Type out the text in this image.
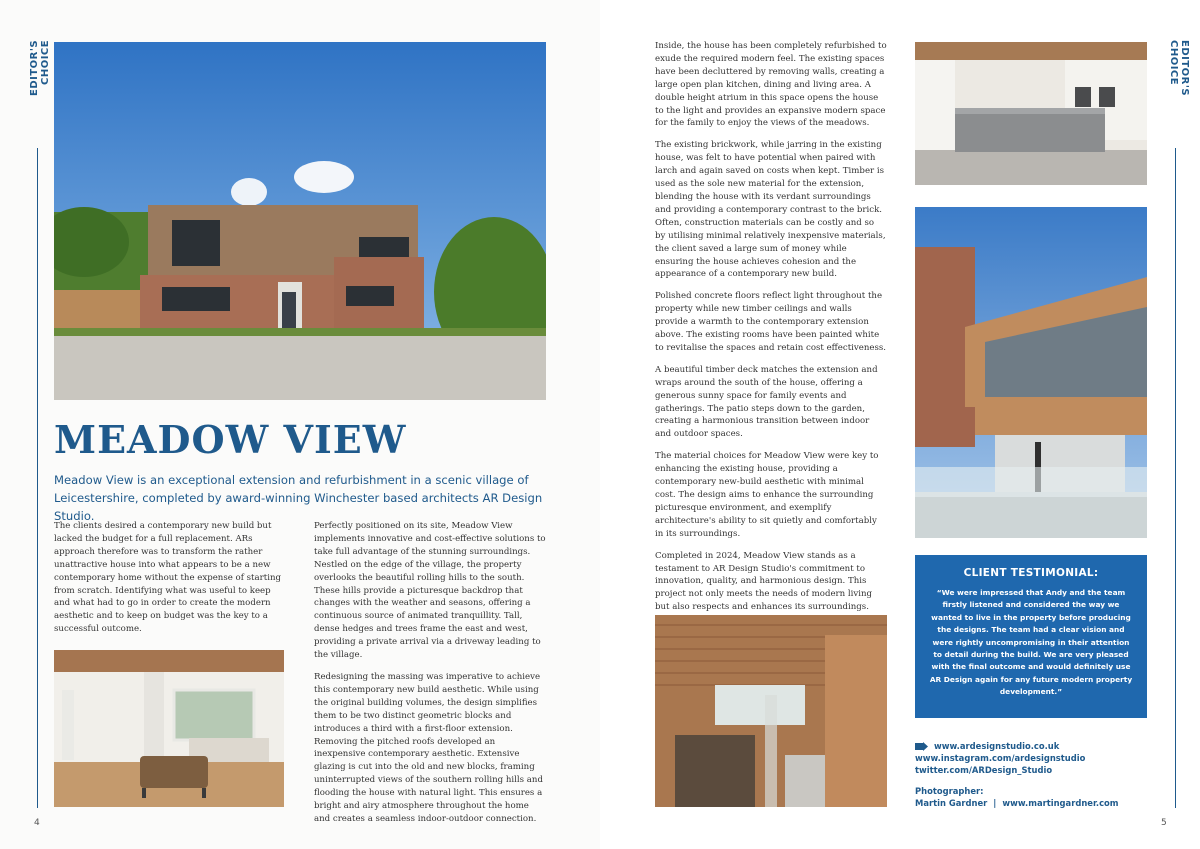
EDITOR'S CHOICE
MEADOW VIEW
Meadow View is an exceptional extension and refurbishment in a scenic village of Leicestershire, completed by award-winning Winchester based architects AR Design Studio.

The clients desired a contemporary new build but lacked the budget for a full replacement. ARs approach therefore was to transform the rather unattractive house into what appears to be a new contemporary home without the expense of starting from scratch. Identifying what was useful to keep and what had to go in order to create the modern aesthetic and to keep on budget was the key to a successful outcome.

Perfectly positioned on its site, Meadow View implements innovative and cost-effective solutions to take full advantage of the stunning surroundings. Nestled on the edge of the village, the property overlooks the beautiful rolling hills to the south. These hills provide a picturesque backdrop that changes with the weather and seasons, offering a continuous source of animated tranquillity. Tall, dense hedges and trees frame the east and west, providing a private arrival via a driveway leading to the village.

Redesigning the massing was imperative to achieve this contemporary new build aesthetic. While using the original building volumes, the design simplifies them to be two distinct geometric blocks and introduces a third with a first-floor extension. Removing the pitched roofs developed an inexpensive contemporary aesthetic. Extensive glazing is cut into the old and new blocks, framing uninterrupted views of the southern rolling hills and flooding the house with natural light. This ensures a bright and airy atmosphere throughout the home and creates a seamless indoor-outdoor connection.

4	5

Inside, the house has been completely refurbished to exude the required modern feel. The existing spaces have been decluttered by removing walls, creating a large open plan kitchen, dining and living area. A double height atrium in this space opens the house to the light and provides an expansive modern space for the family to enjoy the views of the meadows.

The existing brickwork, while jarring in the existing house, was felt to have potential when paired with larch and again saved on costs when kept. Timber is used as the sole new material for the extension, blending the house with its verdant surroundings and providing a contemporary contrast to the brick. Often, construction materials can be costly and so by utilising minimal relatively inexpensive materials, the client saved a large sum of money while ensuring the house achieves cohesion and the appearance of a contemporary new build.

Polished concrete floors reflect light throughout the property while new timber ceilings and walls provide a warmth to the contemporary extension above. The existing rooms have been painted white to revitalise the spaces and retain cost effectiveness.

A beautiful timber deck matches the extension and wraps around the south of the house, offering a generous sunny space for family events and gatherings. The patio steps down to the garden, creating a harmonious transition between indoor and outdoor spaces.

The material choices for Meadow View were key to enhancing the existing house, providing a contemporary new-build aesthetic with minimal cost. The design aims to enhance the surrounding picturesque environment, and exemplify architecture's ability to sit quietly and comfortably in its surroundings.

Completed in 2024, Meadow View stands as a testament to AR Design Studio's commitment to innovation, quality, and harmonious design. This project not only meets the needs of modern living but also respects and enhances its surroundings.

EDITOR'S CHOICE
CLIENT TESTIMONIAL:
“We were impressed that Andy and the team firstly listened and considered the way we wanted to live in the property before producing the designs. The team had a clear vision and were rightly uncompromising in their attention to detail during the build. We are very pleased with the final outcome and would definitely use AR Design again for any future modern property development.”
www.ardesignstudio.co.uk
www.instagram.com/ardesignstudio
twitter.com/ARDesign_Studio
Photographer:
Martin Gardner | www.martingardner.com
